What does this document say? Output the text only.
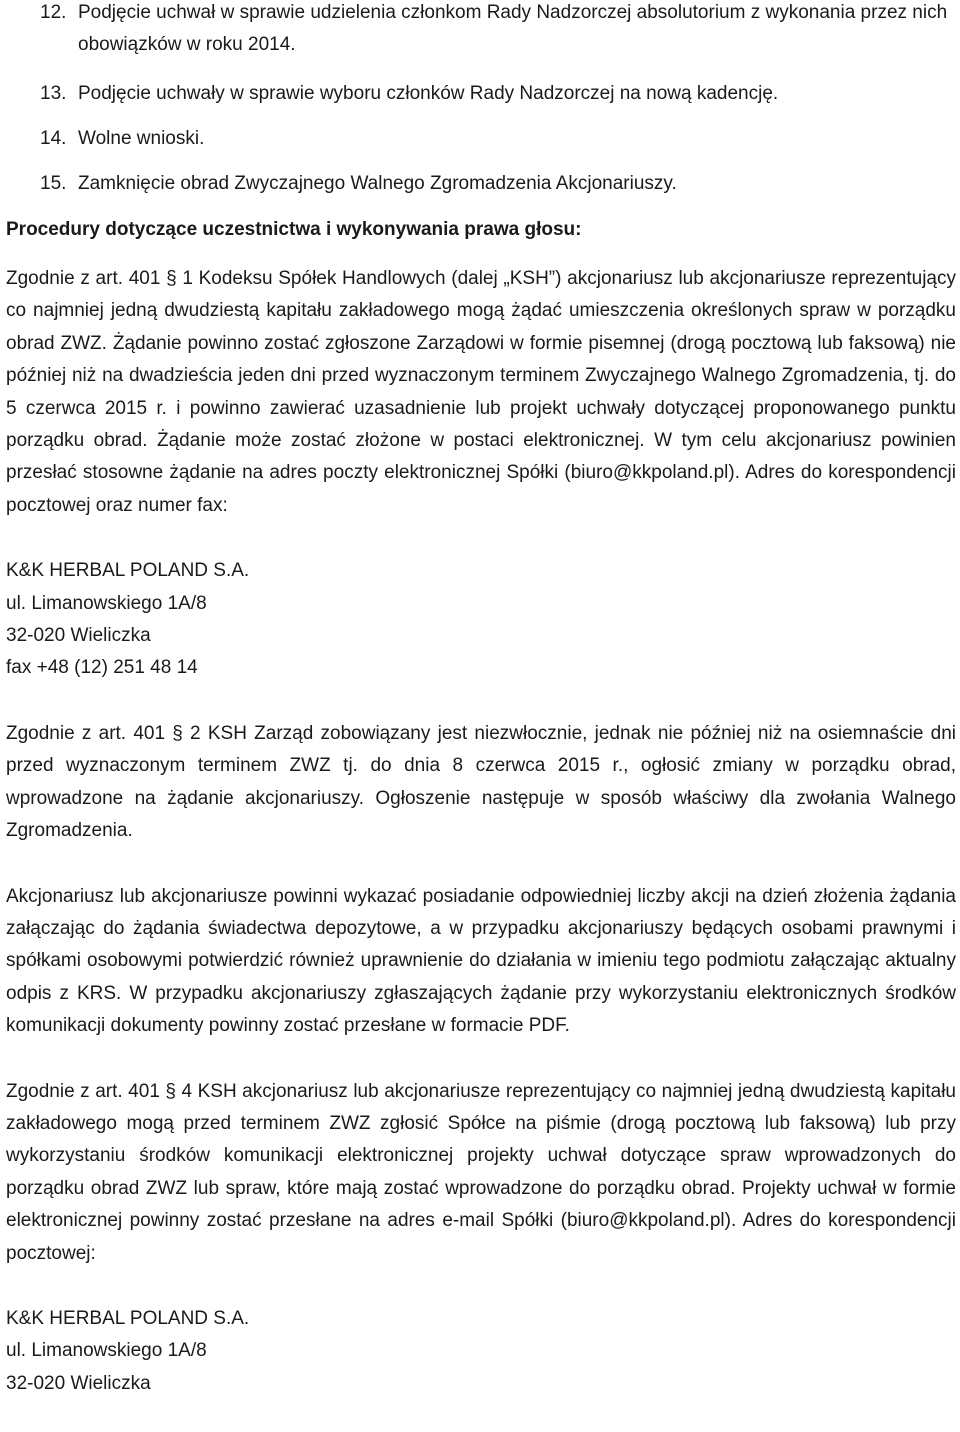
12. Podjęcie uchwał w sprawie udzielenia członkom Rady Nadzorczej absolutorium z wykonania przez nich obowiązków w roku 2014.
13. Podjęcie uchwały w sprawie wyboru członków Rady Nadzorczej na nową kadencję.
14. Wolne wnioski.
15. Zamknięcie obrad Zwyczajnego Walnego Zgromadzenia Akcjonariuszy.

Procedury dotyczące uczestnictwa i wykonywania prawa głosu:

Zgodnie z art. 401 § 1 Kodeksu Spółek Handlowych (dalej „KSH”) akcjonariusz lub akcjonariusze reprezentujący co najmniej jedną dwudziestą kapitału zakładowego mogą żądać umieszczenia określonych spraw w porządku obrad ZWZ. Żądanie powinno zostać zgłoszone Zarządowi w formie pisemnej (drogą pocztową lub faksową) nie później niż na dwadzieścia jeden dni przed wyznaczonym terminem Zwyczajnego Walnego Zgromadzenia, tj. do 5 czerwca 2015 r. i powinno zawierać uzasadnienie lub projekt uchwały dotyczącej proponowanego punktu porządku obrad. Żądanie może zostać złożone w postaci elektronicznej. W tym celu akcjonariusz powinien przesłać stosowne żądanie na adres poczty elektronicznej Spółki (biuro@kkpoland.pl). Adres do korespondencji pocztowej oraz numer fax:

K&K HERBAL POLAND S.A.
ul. Limanowskiego 1A/8
32-020 Wieliczka
fax +48 (12) 251 48 14

Zgodnie z art. 401 § 2 KSH Zarząd zobowiązany jest niezwłocznie, jednak nie później niż na osiemnaście dni przed wyznaczonym terminem ZWZ tj. do dnia 8 czerwca 2015 r., ogłosić zmiany w porządku obrad, wprowadzone na żądanie akcjonariuszy. Ogłoszenie następuje w sposób właściwy dla zwołania Walnego Zgromadzenia.

Akcjonariusz lub akcjonariusze powinni wykazać posiadanie odpowiedniej liczby akcji na dzień złożenia żądania załączając do żądania świadectwa depozytowe, a w przypadku akcjonariuszy będących osobami prawnymi i spółkami osobowymi potwierdzić również uprawnienie do działania w imieniu tego podmiotu załączając aktualny odpis z KRS. W przypadku akcjonariuszy zgłaszających żądanie przy wykorzystaniu elektronicznych środków komunikacji dokumenty powinny zostać przesłane w formacie PDF.

Zgodnie z art. 401 § 4 KSH akcjonariusz lub akcjonariusze reprezentujący co najmniej jedną dwudziestą kapitału zakładowego mogą przed terminem ZWZ zgłosić Spółce na piśmie (drogą pocztową lub faksową) lub przy wykorzystaniu środków komunikacji elektronicznej projekty uchwał dotyczące spraw wprowadzonych do porządku obrad ZWZ lub spraw, które mają zostać wprowadzone do porządku obrad. Projekty uchwał w formie elektronicznej powinny zostać przesłane na adres e-mail Spółki (biuro@kkpoland.pl). Adres do korespondencji pocztowej:

K&K HERBAL POLAND S.A.
ul. Limanowskiego 1A/8
32-020 Wieliczka
